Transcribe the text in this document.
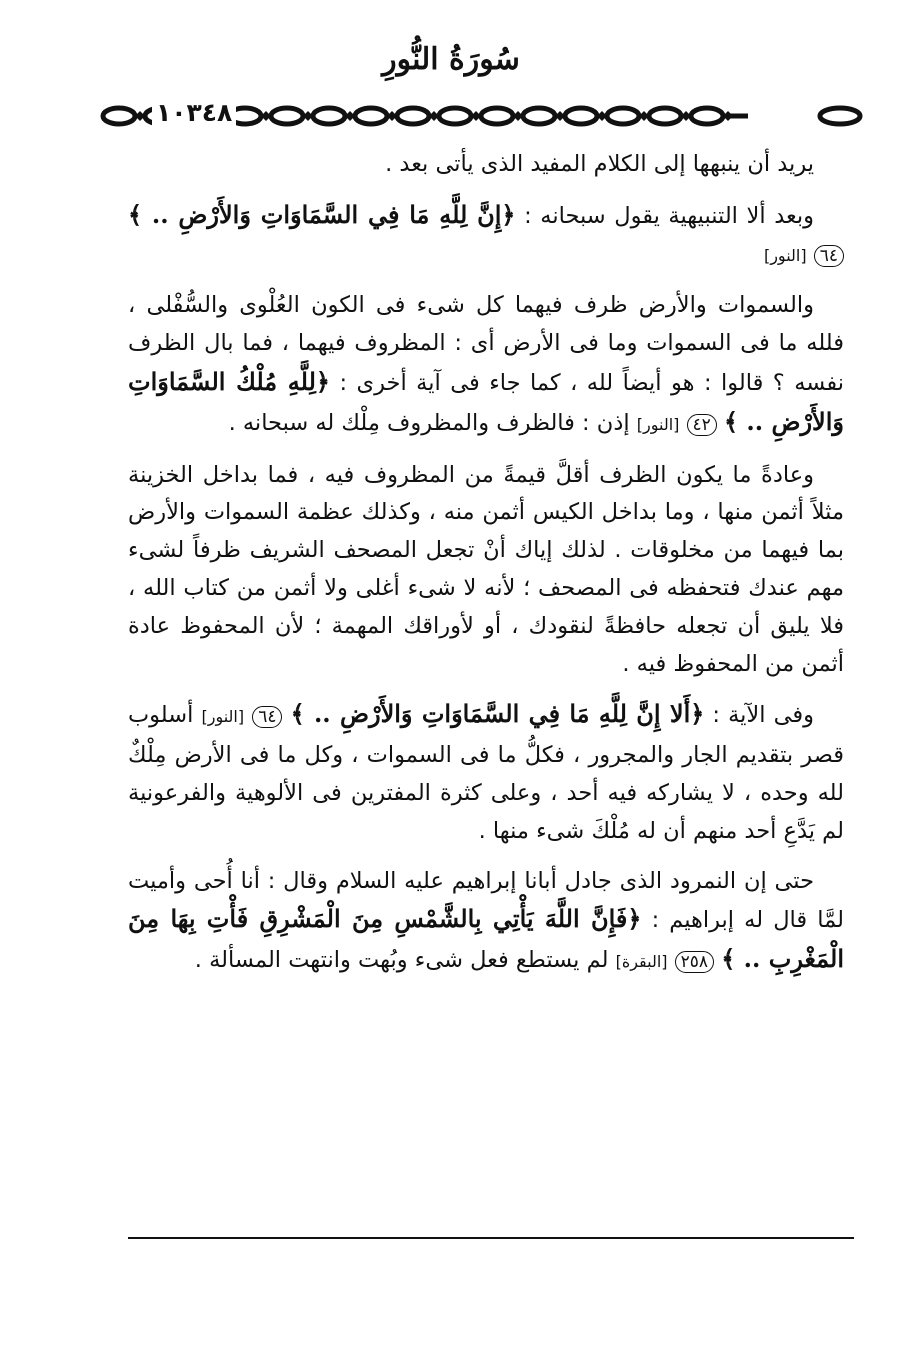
سُورَةُ النُّورِ
١٠٣٤٨

يريد أن ينبهها إلى الكلام المفيد الذى يأتى بعد .

وبعد ألا التنبيهية يقول سبحانه : ﴿إِنَّ لِلَّهِ مَا فِي السَّمَاوَاتِ وَالأَرْضِ .. ﴾ ٦٤ [النور]

والسموات والأرض ظرف فيهما كل شىء فى الكون العُلْوى والسُّفْلى ، فلله ما فى السموات وما فى الأرض أى : المظروف فيهما ، فما بال الظرف نفسه ؟ قالوا : هو أيضاً لله ، كما جاء فى آية أخرى : ﴿لِلَّهِ مُلْكُ السَّمَاوَاتِ وَالأَرْضِ .. ﴾ ٤٢ [النور] إذن : فالظرف والمظروف مِلْك له سبحانه .

وعادةً ما يكون الظرف أقلَّ قيمةً من المظروف فيه ، فما بداخل الخزينة مثلاً أثمن منها ، وما بداخل الكيس أثمن منه ، وكذلك عظمة السموات والأرض بما فيهما من مخلوقات . لذلك إياك أنْ تجعل المصحف الشريف ظرفاً لشىء مهم عندك فتحفظه فى المصحف ؛ لأنه لا شىء أغلى ولا أثمن من كتاب الله ، فلا يليق أن تجعله حافظةً لنقودك ، أو لأوراقك المهمة ؛ لأن المحفوظ عادة أثمن من المحفوظ فيه .

وفى الآية : ﴿أَلا إِنَّ لِلَّهِ مَا فِي السَّمَاوَاتِ وَالأَرْضِ .. ﴾ ٦٤ [النور] أسلوب قصر بتقديم الجار والمجرور ، فكلُّ ما فى السموات ، وكل ما فى الأرض مِلْكٌ لله وحده ، لا يشاركه فيه أحد ، وعلى كثرة المفترين فى الألوهية والفرعونية لم يَدَّعِ أحد منهم أن له مُلْكَ شىء منها .

حتى إن النمرود الذى جادل أبانا إبراهيم عليه السلام وقال : أنا أُحى وأميت لمَّا قال له إبراهيم : ﴿فَإِنَّ اللَّهَ يَأْتِي بِالشَّمْسِ مِنَ الْمَشْرِقِ فَأْتِ بِهَا مِنَ الْمَغْرِبِ .. ﴾ ٢٥٨ [البقرة] لم يستطع فعل شىء وبُهت وانتهت المسألة .
